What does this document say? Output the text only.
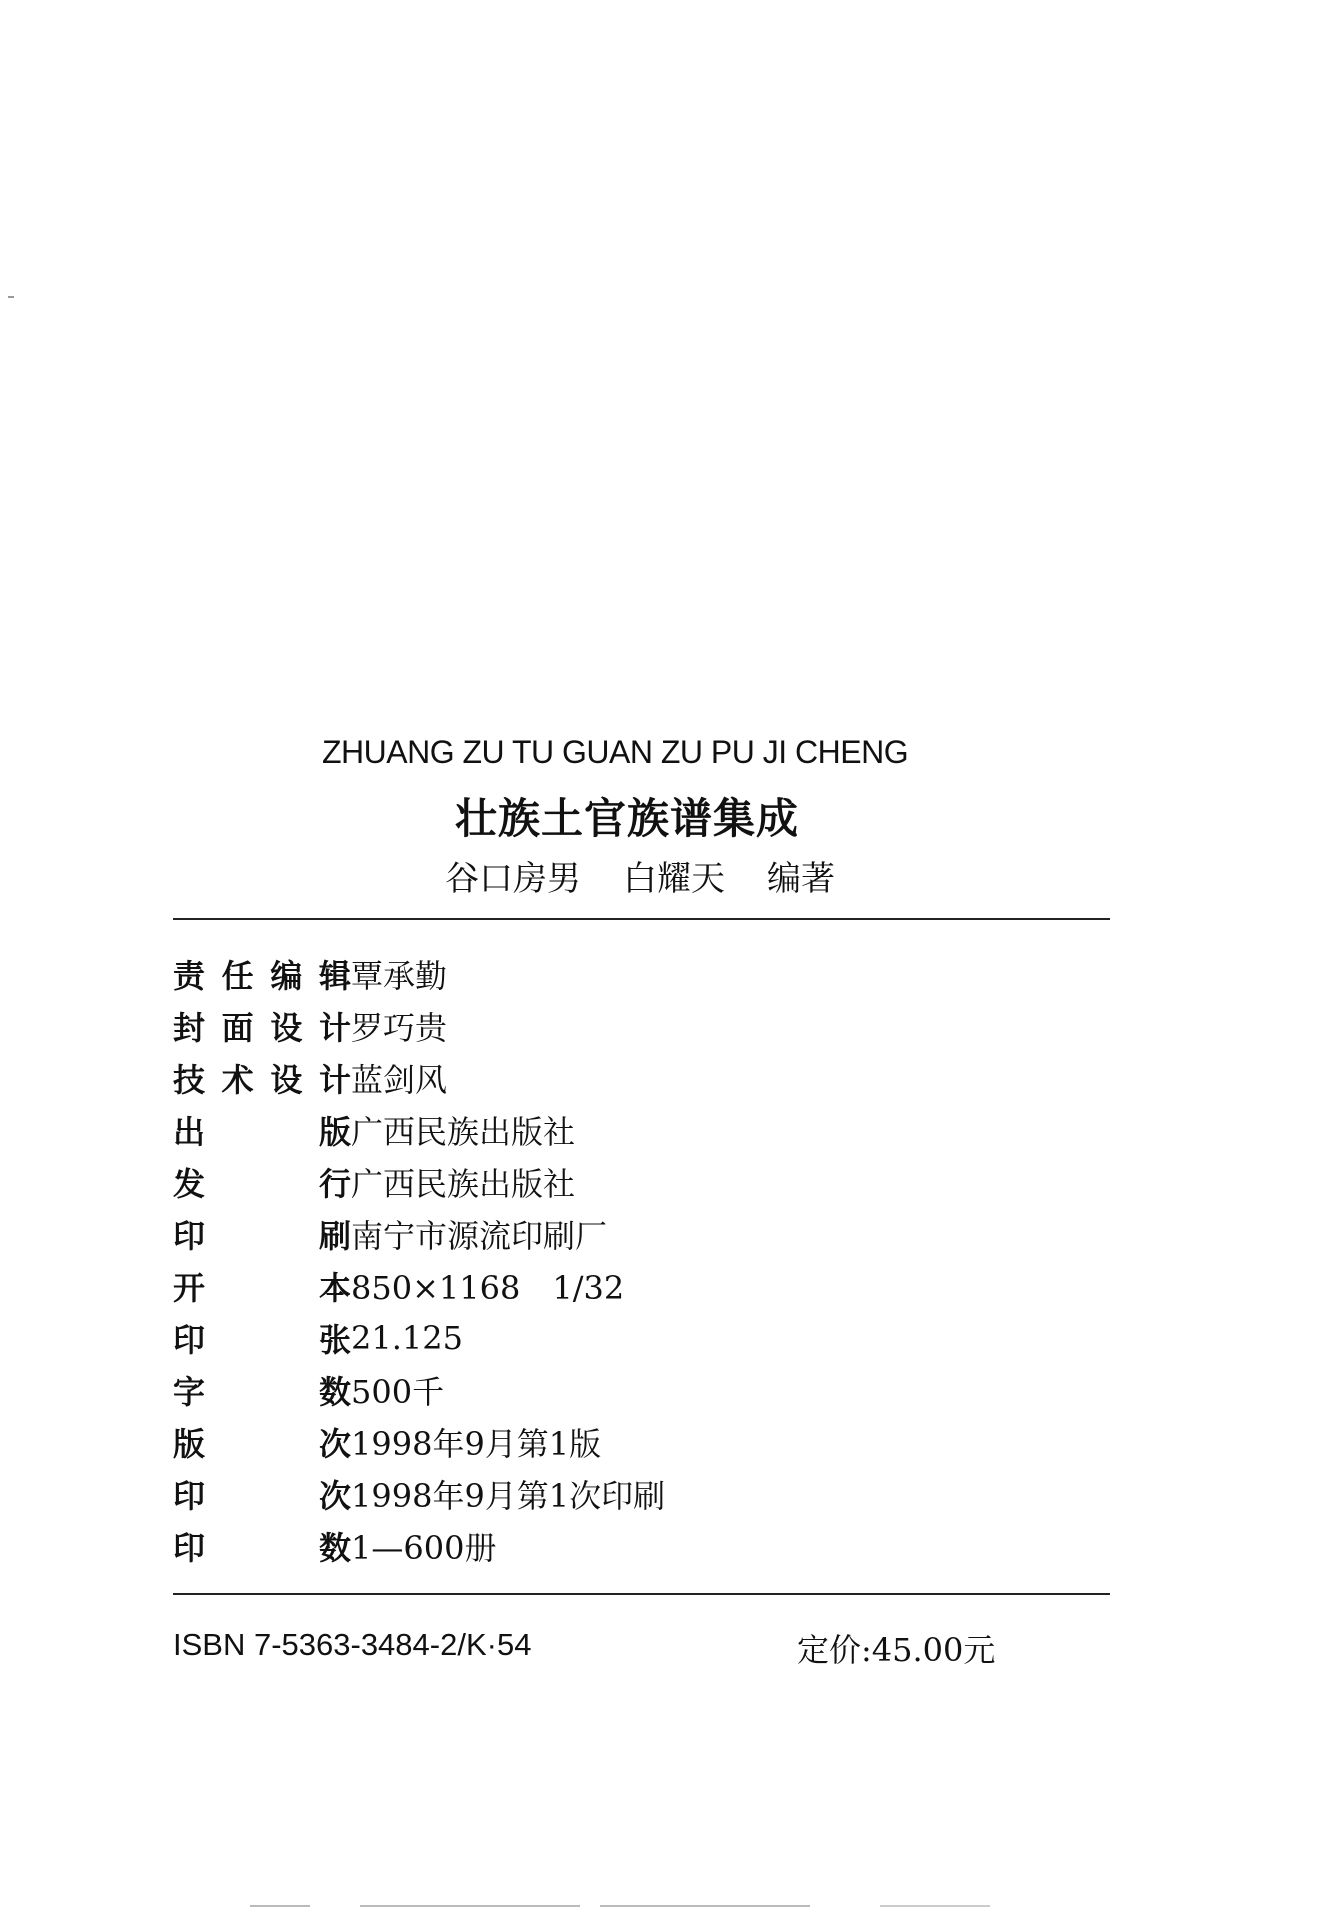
ZHUANG ZU TU GUAN ZU PU JI CHENG
壮族土官族谱集成
谷口房男 白耀天 编著
责 任 编 辑 覃承勤
封 面 设 计 罗巧贵
技 术 设 计 蓝剑风
出	版 广西民族出版社
发	行 广西民族出版社
印	刷 南宁市源流印刷厂
开	本 850×1168　1/32
印	张 21.125
字	数 500千
版	次 1998年9月第1版
印	次 1998年9月第1次印刷
印	数 1—600册
ISBN 7-5363-3484-2/K·54	定价:45.00元
